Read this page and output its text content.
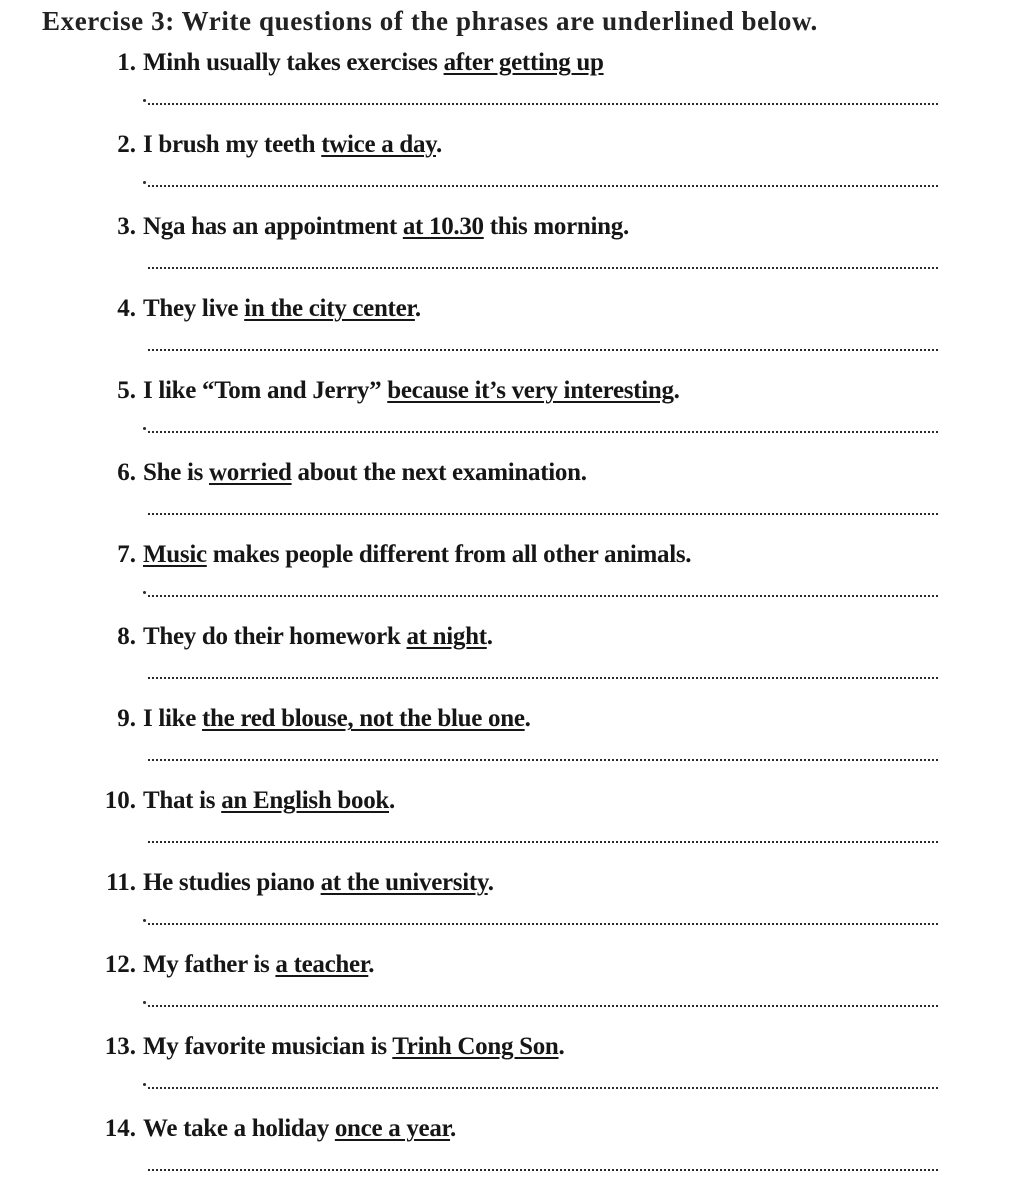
Exercise 3: Write questions of the phrases are underlined below.
1. Minh usually takes exercises after getting up
2. I brush my teeth twice a day.
3. Nga has an appointment at 10.30 this morning.
4. They live in the city center.
5. I like “Tom and Jerry” because it’s very interesting.
6. She is worried about the next examination.
7. Music makes people different from all other animals.
8. They do their homework at night.
9. I like the red blouse, not the blue one.
10. That is an English book.
11. He studies piano at the university.
12. My father is a teacher.
13. My favorite musician is Trinh Cong Son.
14. We take a holiday once a year.
